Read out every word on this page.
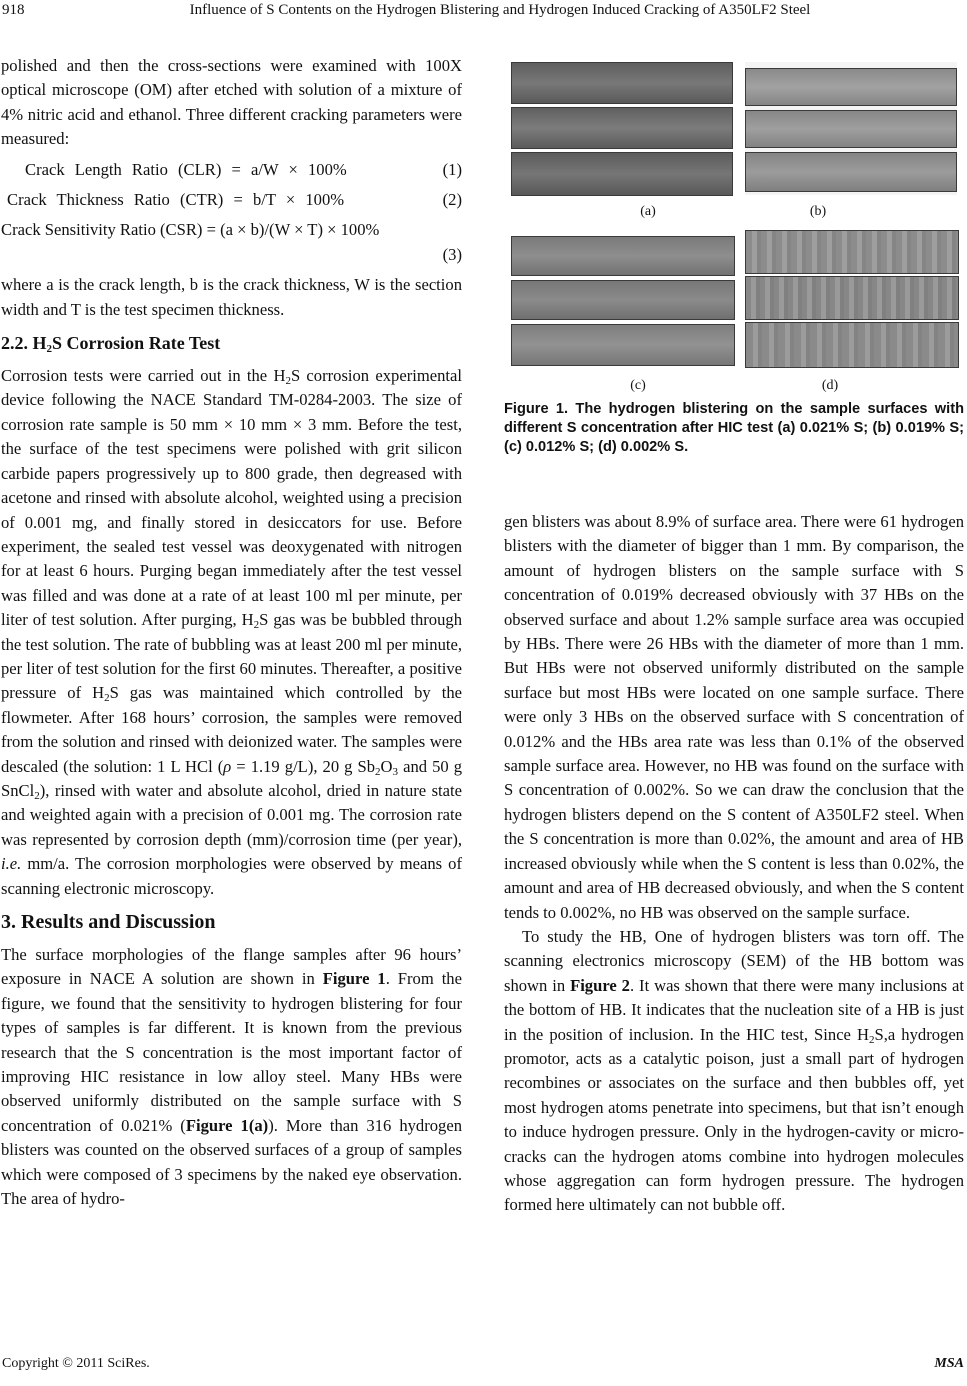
918	Influence of S Contents on the Hydrogen Blistering and Hydrogen Induced Cracking of A350LF2 Steel

polished and then the cross-sections were examined with 100X optical microscope (OM) after etched with solution of a mixture of 4% nitric acid and ethanol. Three different cracking parameters were measured:

Crack Length Ratio (CLR) = a/W × 100%	(1)
Crack Thickness Ratio (CTR) = b/T × 100%	(2)
Crack Sensitivity Ratio (CSR) = (a × b)/(W × T) × 100%
(3)

where a is the crack length, b is the crack thickness, W is the section width and T is the test specimen thickness.

2.2. $H_2S$ Corrosion Rate Test

Corrosion tests were carried out in the $H_2S$ corrosion experimental device following the NACE Standard TM-0284-2003. The size of corrosion rate sample is 50 mm × 10 mm × 3 mm. Before the test, the surface of the test specimens were polished with grit silicon carbide papers progressively up to 800 grade, then degreased with acetone and rinsed with absolute alcohol, weighted using a precision of 0.001 mg, and finally stored in desiccators for use. Before experiment, the sealed test vessel was deoxygenated with nitrogen for at least 6 hours. Purging began immediately after the test vessel was filled and was done at a rate of at least 100 ml per minute, per liter of test solution. After purging, $H_2S$ gas was be bubbled through the test solution. The rate of bubbling was at least 200 ml per minute, per liter of test solution for the first 60 minutes. Thereafter, a positive pressure of $H_2S$ gas was maintained which controlled by the flowmeter. After 168 hours’ corrosion, the samples were removed from the solution and rinsed with deionized water. The samples were descaled (the solution: 1 L HCl (ρ = 1.19 g/L), 20 g $Sb_2O_3$ and 50 g SnCl$_2$), rinsed with water and absolute alcohol, dried in nature state and weighted again with a precision of 0.001 mg. The corrosion rate was represented by corrosion depth (mm)/corrosion time (per year), i.e. mm/a. The corrosion morphologies were observed by means of scanning electronic microscopy.

3. Results and Discussion

The surface morphologies of the flange samples after 96 hours’ exposure in NACE A solution are shown in Figure 1. From the figure, we found that the sensitivity to hydrogen blistering for four types of samples is far different. It is known from the previous research that the S concentration is the most important factor of improving HIC resistance in low alloy steel. Many HBs were observed uniformly distributed on the sample surface with S concentration of 0.021% (Figure 1(a)). More than 316 hydrogen blisters was counted on the observed surfaces of a group of samples which were composed of 3 specimens by the naked eye observation. The area of hydro-

(a)	(b)
(c)	(d)
Figure 1. The hydrogen blistering on the sample surfaces with different S concentration after HIC test (a) 0.021% S; (b) 0.019% S; (c) 0.012% S; (d) 0.002% S.

gen blisters was about 8.9% of surface area. There were 61 hydrogen blisters with the diameter of bigger than 1 mm. By comparison, the amount of hydrogen blisters on the sample surface with S concentration of 0.019% decreased obviously with 37 HBs on the observed surface and about 1.2% sample surface area was occupied by HBs. There were 26 HBs with the diameter of more than 1 mm. But HBs were not observed uniformly distributed on the sample surface but most HBs were located on one sample surface. There were only 3 HBs on the observed surface with S concentration of 0.012% and the HBs area rate was less than 0.1% of the observed sample surface area. However, no HB was found on the surface with S concentration of 0.002%. So we can draw the conclusion that the hydrogen blisters depend on the S content of A350LF2 steel. When the S concentration is more than 0.02%, the amount and area of HB increased obviously while when the S content is less than 0.02%, the amount and area of HB decreased obviously, and when the S content tends to 0.002%, no HB was observed on the sample surface.

To study the HB, One of hydrogen blisters was torn off. The scanning electronics microscopy (SEM) of the HB bottom was shown in Figure 2. It was shown that there were many inclusions at the bottom of HB. It indicates that the nucleation site of a HB is just in the position of inclusion. In the HIC test, Since $H_2S,a$ hydrogen promotor, acts as a catalytic poison, just a small part of hydrogen recombines or associates on the surface and then bubbles off, yet most hydrogen atoms penetrate into specimens, but that isn’t enough to induce hydrogen pressure. Only in the hydrogen-cavity or micro-cracks can the hydrogen atoms combine into hydrogen molecules whose aggregation can form hydrogen pressure. The hydrogen formed here ultimately can not bubble off.

Copyright © 2011 SciRes.	MSA
